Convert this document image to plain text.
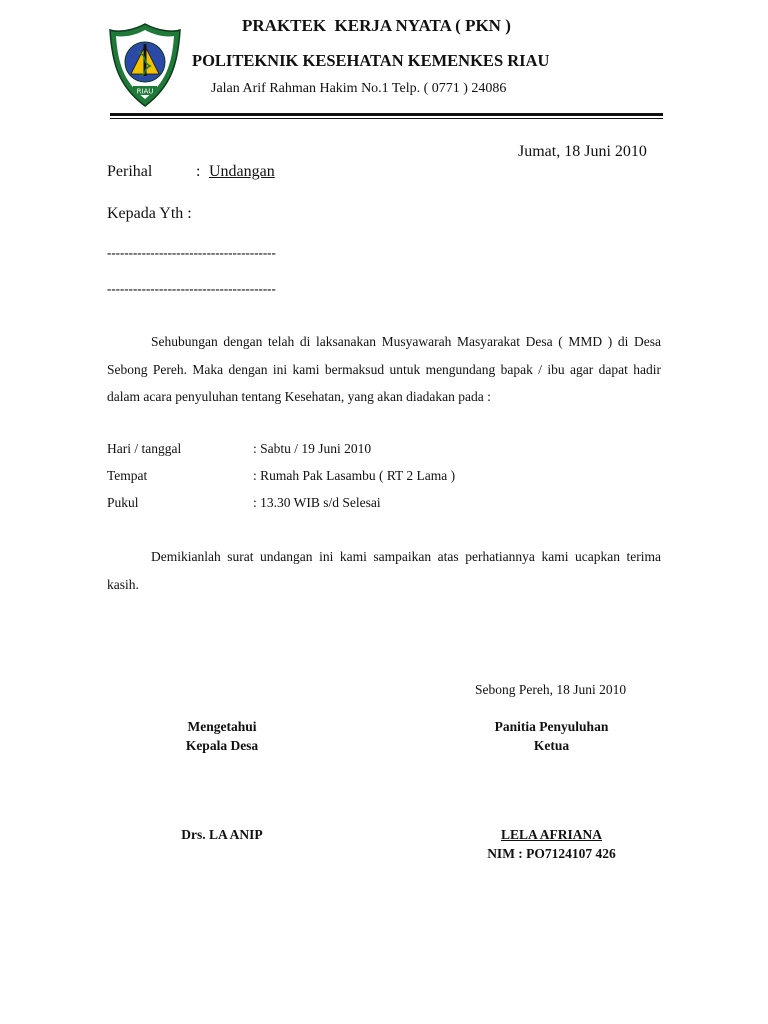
RIAU
PRAKTEK  KERJA NYATA ( PKN )
POLITEKNIK KESEHATAN KEMENKES RIAU
Jalan Arif Rahman Hakim No.1 Telp. ( 0771 ) 24086
Jumat, 18 Juni 2010
Perihal	: Undangan
Kepada Yth :
---------------------------------------
---------------------------------------
Sehubungan dengan telah di laksanakan Musyawarah Masyarakat Desa ( MMD ) di Desa Sebong Pereh. Maka dengan ini kami bermaksud untuk mengundang bapak / ibu agar dapat hadir dalam acara penyuluhan tentang Kesehatan, yang akan diadakan pada :
Hari / tanggal	: Sabtu / 19 Juni 2010
Tempat	: Rumah Pak Lasambu ( RT 2 Lama )
Pukul	: 13.30 WIB s/d Selesai
Demikianlah surat undangan ini kami sampaikan atas perhatiannya kami ucapkan terima kasih.
Sebong Pereh, 18 Juni 2010
Mengetahui
Kepala Desa
Panitia Penyuluhan
Ketua
Drs. LA ANIP	LELA AFRIANA
NIM : PO7124107 426
